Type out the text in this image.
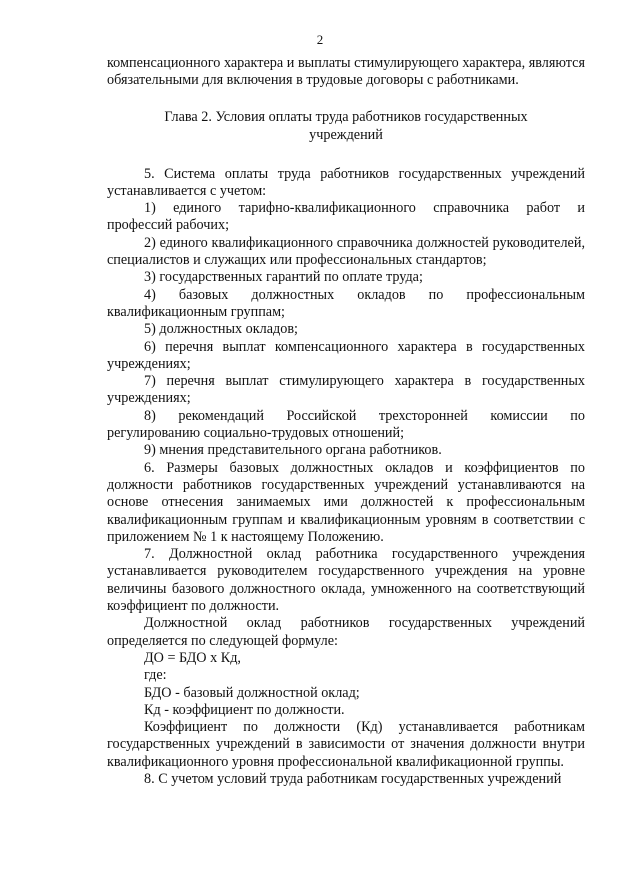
2

компенсационного характера и выплаты стимулирующего характера, являются обязательными для включения в трудовые договоры с работниками.

Глава 2. Условия оплаты труда работников государственных учреждений

5. Система оплаты труда работников государственных учреждений устанавливается с учетом:

1) единого тарифно-квалификационного справочника работ и профессий рабочих;

2) единого квалификационного справочника должностей руководителей, специалистов и служащих или профессиональных стандартов;

3) государственных гарантий по оплате труда;

4) базовых должностных окладов по профессиональным квалификационным группам;

5) должностных окладов;

6) перечня выплат компенсационного характера в государственных учреждениях;

7) перечня выплат стимулирующего характера в государственных учреждениях;

8) рекомендаций Российской трехсторонней комиссии по регулированию социально-трудовых отношений;

9) мнения представительного органа работников.

6. Размеры базовых должностных окладов и коэффициентов по должности работников государственных учреждений устанавливаются на основе отнесения занимаемых ими должностей к профессиональным квалификационным группам и квалификационным уровням в соответствии с приложением № 1 к настоящему Положению.

7. Должностной оклад работника государственного учреждения устанавливается руководителем государственного учреждения на уровне величины базового должностного оклада, умноженного на соответствующий коэффициент по должности.

Должностной оклад работников государственных учреждений определяется по следующей формуле:

ДО = БДО х Кд,

где:

БДО - базовый должностной оклад;

Кд - коэффициент по должности.

Коэффициент по должности (Кд) устанавливается работникам государственных учреждений в зависимости от значения должности внутри квалификационного уровня профессиональной квалификационной группы.

8. С учетом условий труда работникам государственных учреждений
